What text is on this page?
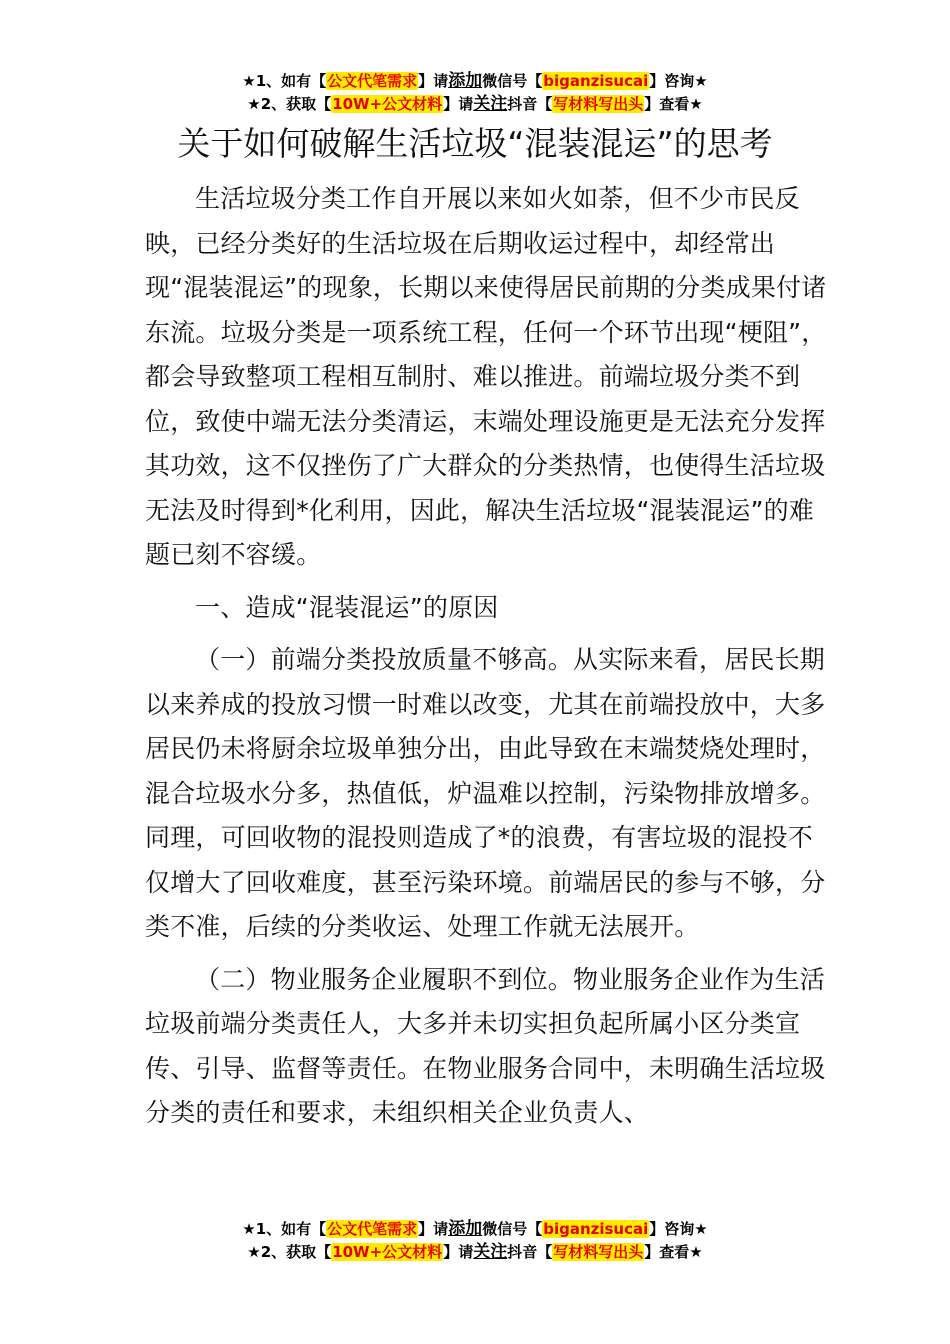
★1、如有【公文代笔需求】请添加微信号【biganzisucai】咨询★
★2、获取【10W+公文材料】请关注抖音【写材料写出头】查看★
关于如何破解生活垃圾“混装混运”的思考

生活垃圾分类工作自开展以来如火如荼，但不少市民反映，已经分类好的生活垃圾在后期收运过程中，却经常出现“混装混运”的现象，长期以来使得居民前期的分类成果付诸东流。垃圾分类是一项系统工程，任何一个环节出现“梗阻”，都会导致整项工程相互制肘、难以推进。前端垃圾分类不到位，致使中端无法分类清运，末端处理设施更是无法充分发挥其功效，这不仅挫伤了广大群众的分类热情，也使得生活垃圾无法及时得到*化利用，因此，解决生活垃圾“混装混运”的难题已刻不容缓。

一、造成“混装混运”的原因

（一）前端分类投放质量不够高。从实际来看，居民长期以来养成的投放习惯一时难以改变，尤其在前端投放中，大多居民仍未将厨余垃圾单独分出，由此导致在末端焚烧处理时，混合垃圾水分多，热值低，炉温难以控制，污染物排放增多。同理，可回收物的混投则造成了*的浪费，有害垃圾的混投不仅增大了回收难度，甚至污染环境。前端居民的参与不够，分类不准，后续的分类收运、处理工作就无法展开。

（二）物业服务企业履职不到位。物业服务企业作为生活垃圾前端分类责任人，大多并未切实担负起所属小区分类宣传、引导、监督等责任。在物业服务合同中，未明确生活垃圾分类的责任和要求，未组织相关企业负责人、

★1、如有【公文代笔需求】请添加微信号【biganzisucai】咨询★
★2、获取【10W+公文材料】请关注抖音【写材料写出头】查看★
